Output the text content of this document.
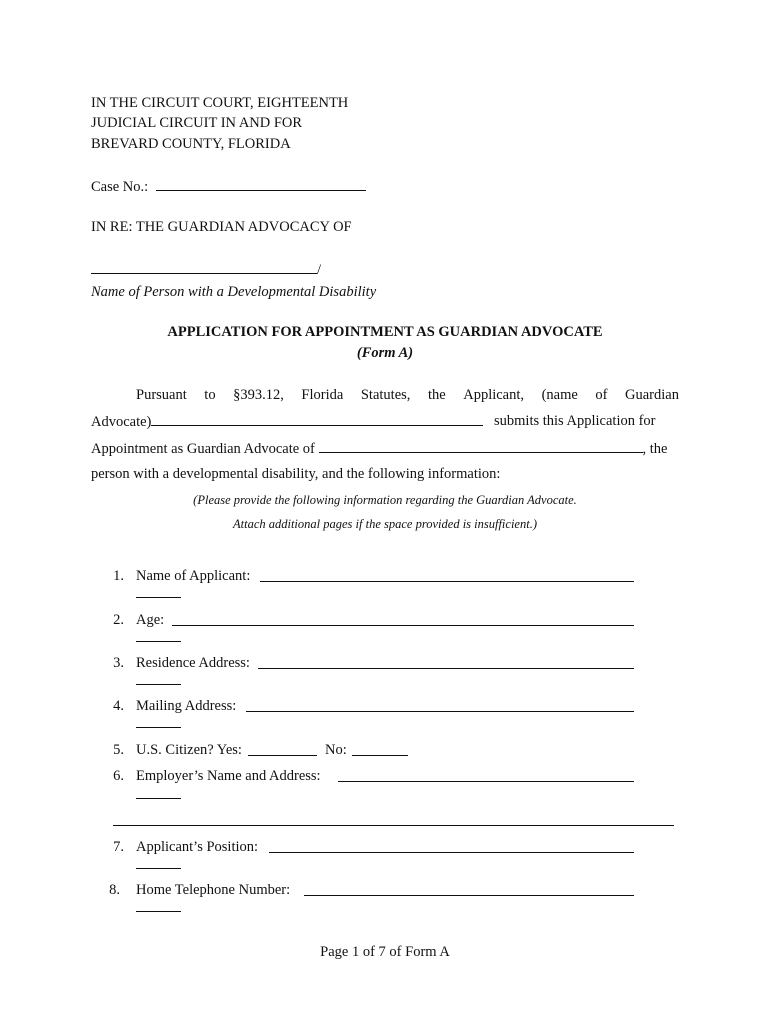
IN THE CIRCUIT COURT, EIGHTEENTH
JUDICIAL CIRCUIT IN AND FOR
BREVARD COUNTY, FLORIDA
Case No.:
IN RE: THE GUARDIAN ADVOCACY OF
/
Name of Person with a Developmental Disability
APPLICATION FOR APPOINTMENT AS GUARDIAN ADVOCATE
(Form A)
Pursuant to §393.12, Florida Statutes, the Applicant, (name of Guardian
Advocate)	submits this Application for
Appointment as Guardian Advocate of	, the
person with a developmental disability, and the following information:
(Please provide the following information regarding the Guardian Advocate.
Attach additional pages if the space provided is insufficient.)
1. Name of Applicant:
2. Age:
3. Residence Address:
4. Mailing Address:
5. U.S. Citizen? Yes:	No:
6. Employer’s Name and Address:
7. Applicant’s Position:
8. Home Telephone Number:
Page 1 of 7 of Form A
